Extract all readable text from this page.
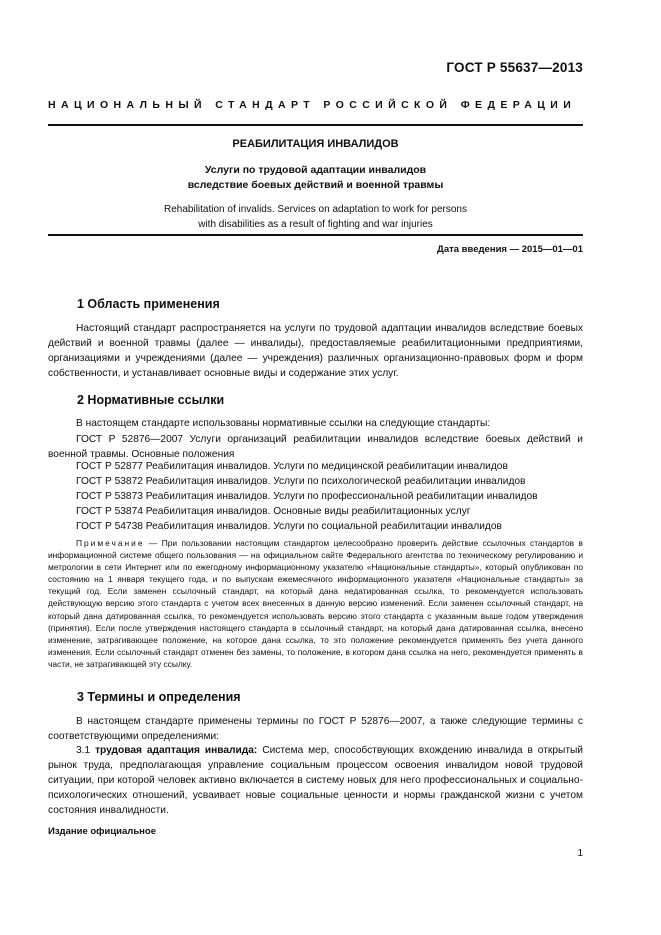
ГОСТ Р 55637—2013
НАЦИОНАЛЬНЫЙ СТАНДАРТ РОССИЙСКОЙ ФЕДЕРАЦИИ
РЕАБИЛИТАЦИЯ ИНВАЛИДОВ
Услуги по трудовой адаптации инвалидов
вследствие боевых действий и военной травмы
Rehabilitation of invalids. Services on adaptation to work for persons
with disabilities as a result of fighting and war injuries
Дата введения — 2015—01—01
1 Область применения
Настоящий стандарт распространяется на услуги по трудовой адаптации инвалидов вследствие боевых действий и военной травмы (далее — инвалиды), предоставляемые реабилитационными предприятиями, организациями и учреждениями (далее — учреждения) различных организационно-правовых форм и форм собственности, и устанавливает основные виды и содержание этих услуг.
2 Нормативные ссылки
В настоящем стандарте использованы нормативные ссылки на следующие стандарты:
ГОСТ Р 52876—2007 Услуги организаций реабилитации инвалидов вследствие боевых действий и военной травмы. Основные положения
ГОСТ Р 52877 Реабилитация инвалидов. Услуги по медицинской реабилитации инвалидов
ГОСТ Р 53872 Реабилитация инвалидов. Услуги по психологической реабилитации инвалидов
ГОСТ Р 53873 Реабилитация инвалидов. Услуги по профессиональной реабилитации инвалидов
ГОСТ Р 53874 Реабилитация инвалидов. Основные виды реабилитационных услуг
ГОСТ Р 54738 Реабилитация инвалидов. Услуги по социальной реабилитации инвалидов
Примечание — При пользовании настоящим стандартом целесообразно проверить действие ссылочных стандартов в информационной системе общего пользования — на официальном сайте Федерального агентства по техническому регулированию и метрологии в сети Интернет или по ежегодному информационному указателю «Национальные стандарты», который опубликован по состоянию на 1 января текущего года, и по выпускам ежемесячного информационного указателя «Национальные стандарты» за текущий год. Если заменен ссылочный стандарт, на который дана недатированная ссылка, то рекомендуется использовать действующую версию этого стандарта с учетом всех внесенных в данную версию изменений. Если заменен ссылочный стандарт, на который дана датированная ссылка, то рекомендуется использовать версию этого стандарта с указанным выше годом утверждения (принятия). Если после утверждения настоящего стандарта в ссылочный стандарт, на который дана датированная ссылка, внесено изменение, затрагивающее положение, на которое дана ссылка, то это положение рекомендуется применять без учета данного изменения. Если ссылочный стандарт отменен без замены, то положение, в котором дана ссылка на него, рекомендуется применять в части, не затрагивающей эту ссылку.
3 Термины и определения
В настоящем стандарте применены термины по ГОСТ Р 52876—2007, а также следующие термины с соответствующими определениями:
3.1 трудовая адаптация инвалида: Система мер, способствующих вхождению инвалида в открытый рынок труда, предполагающая управление социальным процессом освоения инвалидом новой трудовой ситуации, при которой человек активно включается в систему новых для него профессиональных и социально-психологических отношений, усваивает новые социальные ценности и нормы гражданской жизни с учетом состояния инвалидности.
Издание официальное
1
